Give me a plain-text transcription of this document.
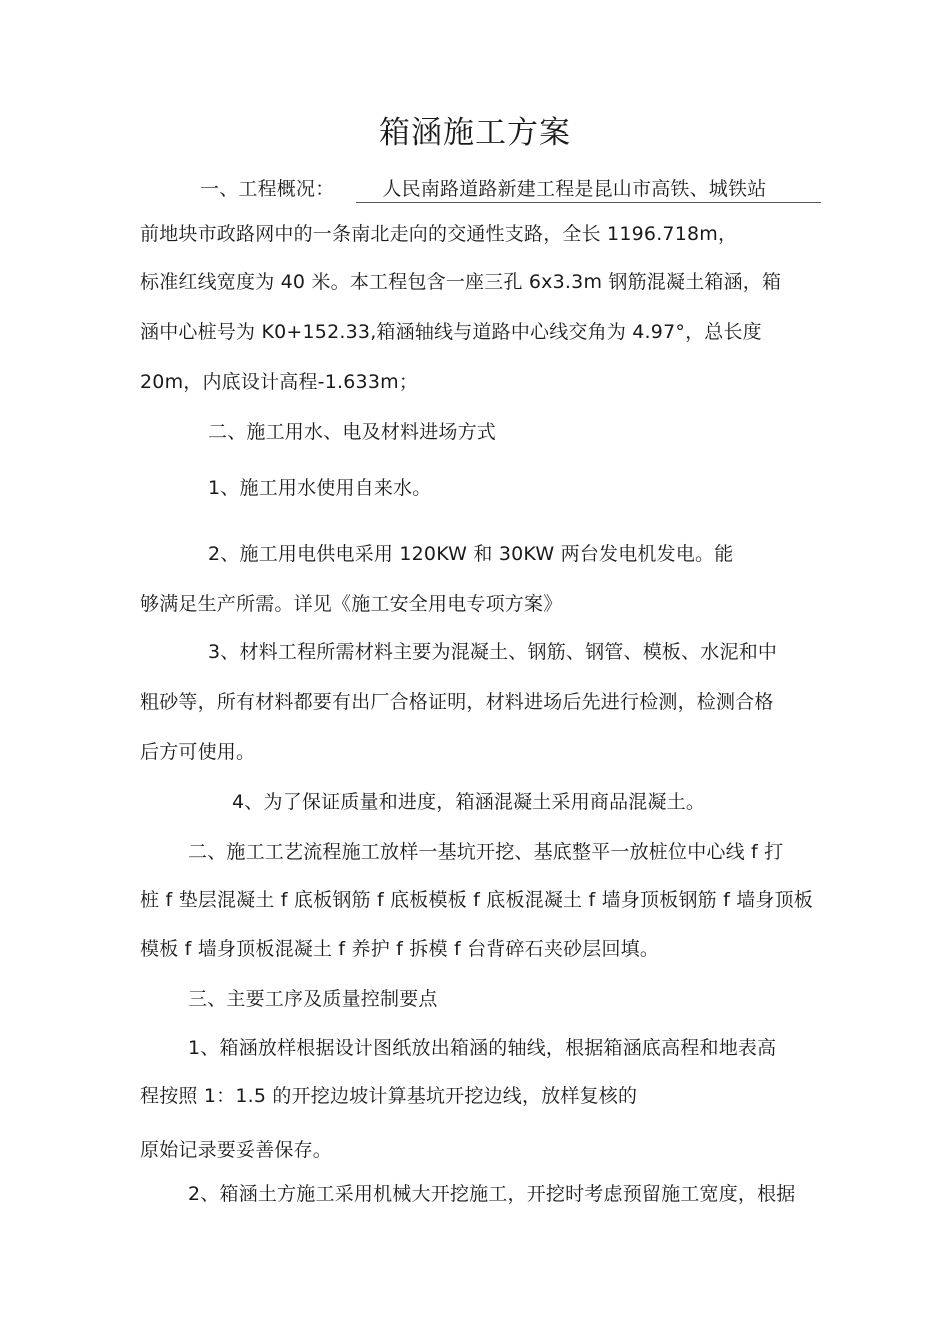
箱涵施工方案
一、工程概况：	人民南路道路新建工程是昆山市高铁、城铁站
前地块市政路网中的一条南北走向的交通性支路，全长 1196.718m，
标准红线宽度为 40 米。本工程包含一座三孔 6x3.3m 钢筋混凝土箱涵，箱
涵中心桩号为 K0+152.33,箱涵轴线与道路中心线交角为 4.97°，总长度
20m，内底设计高程-1.633m；
二、施工用水、电及材料进场方式
1、施工用水使用自来水。
2、施工用电供电采用 120KW 和 30KW 两台发电机发电。能
够满足生产所需。详见《施工安全用电专项方案》
3、材料工程所需材料主要为混凝土、钢筋、钢管、模板、水泥和中
粗砂等，所有材料都要有出厂合格证明，材料进场后先进行检测，检测合格
后方可使用。
4、为了保证质量和进度，箱涵混凝土采用商品混凝土。
二、施工工艺流程施工放样一基坑开挖、基底整平一放桩位中心线 f 打
桩 f 垫层混凝土 f 底板钢筋 f 底板模板 f 底板混凝土 f 墙身顶板钢筋 f 墙身顶板
模板 f 墙身顶板混凝土 f 养护 f 拆模 f 台背碎石夹砂层回填。
三、主要工序及质量控制要点
1、箱涵放样根据设计图纸放出箱涵的轴线，根据箱涵底高程和地表高
程按照 1：1.5 的开挖边坡计算基坑开挖边线，放样复核的
原始记录要妥善保存。
2、箱涵土方施工采用机械大开挖施工，开挖时考虑预留施工宽度，根据
